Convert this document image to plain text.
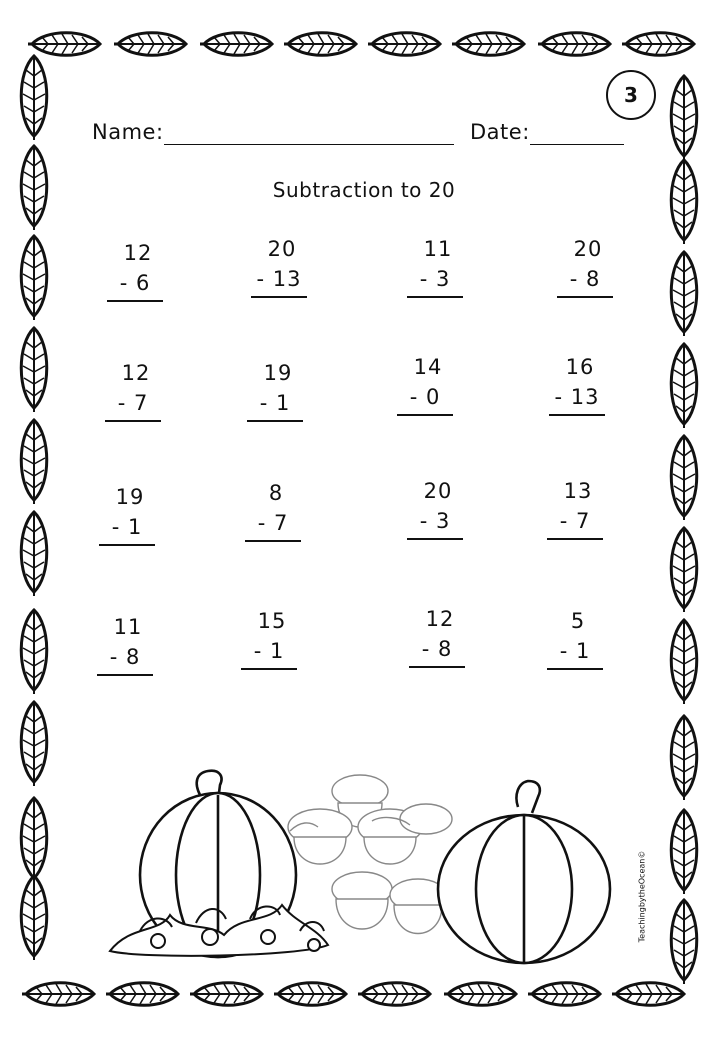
3
Name:	Date:
Subtraction to 20
12
- 6
20
- 13
11
- 3
20
- 8
12
- 7
19
- 1
14
- 0
16
- 13
19
- 1
8
- 7
20
- 3
13
- 7
11
- 8
15
- 1
12
- 8
5
- 1
TeachingbytheOcean©
